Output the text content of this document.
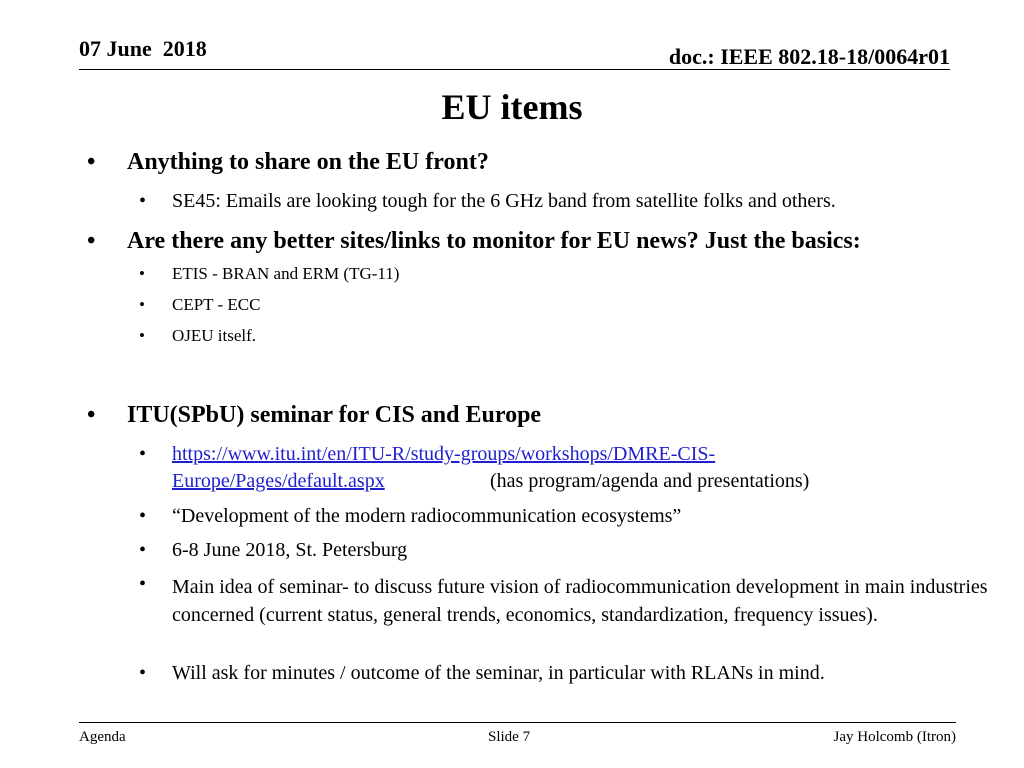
07 June  2018	doc.: IEEE 802.18-18/0064r01
EU items
• Anything to share on the EU front?
• SE45: Emails are looking tough for the 6 GHz band from satellite folks and others.
• Are there any better sites/links to monitor for EU news? Just the basics:
• ETIS - BRAN and ERM (TG-11)
• CEPT - ECC
• OJEU itself.
• ITU(SPbU) seminar for CIS and Europe
• https://www.itu.int/en/ITU-R/study-groups/workshops/DMRE-CIS-
Europe/Pages/default.aspx	(has program/agenda and presentations)
• “Development of the modern radiocommunication ecosystems”
• 6-8 June 2018, St. Petersburg
• Main idea of seminar- to discuss future vision of radiocommunication development in main industries concerned (current status, general trends, economics, standardization, frequency issues).
• Will ask for minutes / outcome of the seminar, in particular with RLANs in mind.
Agenda	Slide 7	Jay Holcomb (Itron)
